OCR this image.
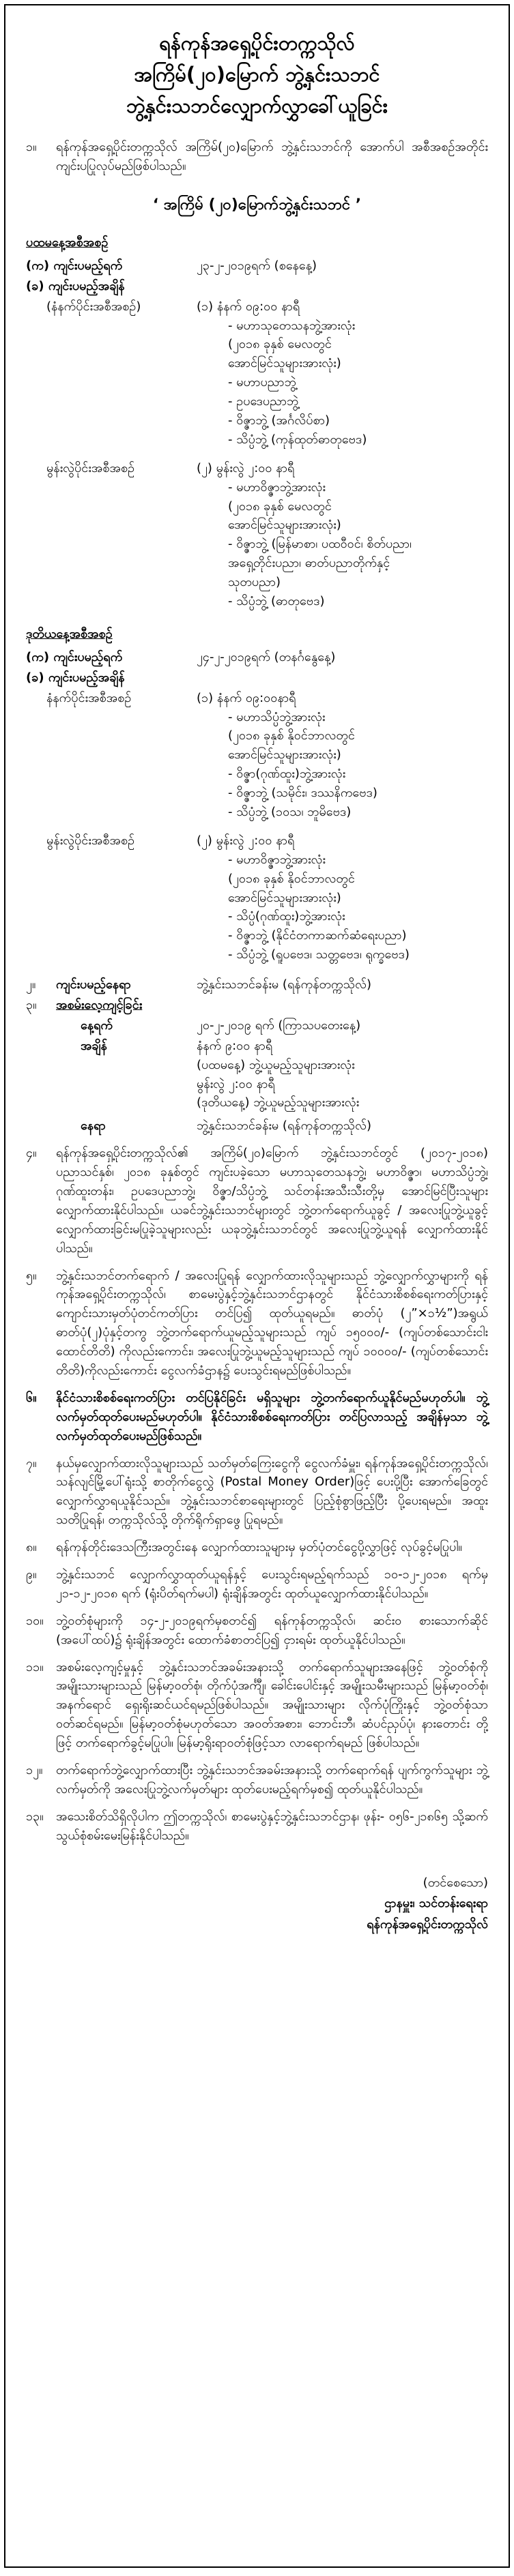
ရန်ကုန်အရှေ့ပိုင်းတက္ကသိုလ်
အကြိမ်(၂၀)မြောက် ဘွဲ့နှင်းသဘင်
ဘွဲ့နှင်းသဘင်လျှောက်လွှာခေါ်ယူခြင်း
၁။	ရန်ကုန်အရှေ့ပိုင်းတက္ကသိုလ် အကြိမ်(၂၀)မြောက် ဘွဲ့နှင်းသဘင်ကို အောက်ပါ အစီအစဉ်အတိုင်း ကျင်းပပြုလုပ်မည်ဖြစ်ပါသည်။

‘ အကြိမ် (၂၀)မြောက်ဘွဲ့နှင်းသဘင် ’
ပထမနေ့အစီအစဉ်
(က) ကျင်းပမည့်ရက်	၂၃-၂-၂၀၁၉ရက် (စနေနေ့)
(ခ) ကျင်းပမည့်အချိန်
(နံနက်ပိုင်းအစီအစဉ်)	(၁) နံနက် ၀၉:၀၀ နာရီ
- မဟာသုတေသနဘွဲ့အားလုံး
(၂၀၁၈ ခုနှစ် မေလတွင်
အောင်မြင်သူများအားလုံး)
- မဟာပညာဘွဲ့
- ဥပဒေပညာဘွဲ့
- ဝိဇ္ဇာဘွဲ့ (အင်္ဂလိပ်စာ)
- သိပ္ပံဘွဲ့ (ကုန်ထုတ်ဓာတုဗေဒ)
မွန်းလွဲပိုင်းအစီအစဉ်	(၂) မွန်းလွဲ ၂:၀၀ နာရီ
- မဟာဝိဇ္ဇာဘွဲ့အားလုံး
(၂၀၁၈ ခုနှစ် မေလတွင်
အောင်မြင်သူများအားလုံး)
- ဝိဇ္ဇာဘွဲ့ (မြန်မာစာ၊ ပထဝီဝင်၊ စိတ်ပညာ၊
အရှေ့တိုင်းပညာ၊ ဓာတ်ပညာတိုက်နှင့်
သုတပညာ)
- သိပ္ပံဘွဲ့ (ဓာတုဗေဒ)
ဒုတိယနေ့အစီအစဉ်
(က) ကျင်းပမည့်ရက်	၂၄-၂-၂၀၁၉ရက် (တနင်္ဂနွေနေ့)
(ခ) ကျင်းပမည့်အချိန်
နံနက်ပိုင်းအစီအစဉ်	(၁) နံနက် ၀၉:၀၀နာရီ
- မဟာသိပ္ပံဘွဲ့အားလုံး
(၂၀၁၈ ခုနှစ် နိုဝင်ဘာလတွင်
အောင်မြင်သူများအားလုံး)
- ဝိဇ္ဇာ(ဂုဏ်ထူး)ဘွဲ့အားလုံး
- ဝိဇ္ဇာဘွဲ့ (သမိုင်း၊ ဒဿနိကဗေဒ)
- သိပ္ပံဘွဲ့ (၁၀သ၊ ဘူမိဗေဒ)
မွန်းလွဲပိုင်းအစီအစဉ်	(၂) မွန်းလွဲ ၂:၀၀ နာရီ
- မဟာဝိဇ္ဇာဘွဲ့အားလုံး
(၂၀၁၈ ခုနှစ် နိုဝင်ဘာလတွင်
အောင်မြင်သူများအားလုံး)
- သိပ္ပံ(ဂုဏ်ထူး)ဘွဲ့အားလုံး
- ဝိဇ္ဇာဘွဲ့ (နိုင်ငံတကာဆက်ဆံရေးပညာ)
- သိပ္ပံဘွဲ့ (ရူပဗေဒ၊ သတ္တဗေဒ၊ ရုက္ခဗေဒ)
၂။	ကျင်းပမည့်နေရာ	ဘွဲ့နှင်းသဘင်ခန်းမ (ရန်ကုန်တက္ကသိုလ်)
၃။	အစမ်းလေ့ကျင့်ခြင်း
နေ့ရက်	၂၀-၂-၂၀၁၉ ရက် (ကြာသပတေးနေ့)
အချိန်	နံနက် ၉:၀၀ နာရီ
(ပထမနေ့) ဘွဲ့ယူမည့်သူများအားလုံး
မွန်းလွဲ ၂:၀၀ နာရီ
(ဒုတိယနေ့) ဘွဲ့ယူမည့်သူများအားလုံး
နေရာ	ဘွဲ့နှင်းသဘင်ခန်းမ (ရန်ကုန်တက္ကသိုလ်)
၄။	ရန်ကုန်အရှေ့ပိုင်းတက္ကသိုလ်၏ အကြိမ်(၂၀)မြောက် ဘွဲ့နှင်းသဘင်တွင် (၂၀၁၇-၂၀၁၈) ပညာသင်နှစ်၊ ၂၀၁၈ ခုနှစ်တွင် ကျင်းပခဲ့သော မဟာသုတေသနဘွဲ့၊ မဟာဝိဇ္ဇာ၊ မဟာသိပ္ပံဘွဲ့၊ ဂုဏ်ထူးတန်း၊ ဥပဒေပညာဘွဲ့၊ ဝိဇ္ဇာ/သိပ္ပံဘွဲ့ သင်တန်းအသီးသီးတို့မှ အောင်မြင်ပြီးသူများ လျှောက်ထားနိုင်ပါသည်။ ယခင်ဘွဲ့နှင်းသဘင်များတွင် ဘွဲ့တက်ရောက်ယူခွင့် / အလေးပြုဘွဲ့ယူခွင့် လျှောက်ထားခြင်းမပြုခဲ့သူများလည်း ယခုဘွဲ့နှင်းသဘင်တွင် အလေးပြုဘွဲ့ယူရန် လျှောက်ထားနိုင်ပါသည်။

၅။	ဘွဲ့နှင်းသဘင်တက်ရောက် / အလေးပြုရန် လျှောက်ထားလိုသူများသည် ဘွဲ့လျှောက်လွှာများကို ရန်ကုန်အရှေ့ပိုင်းတက္ကသိုလ်၊ စာမေးပွဲနှင့်ဘွဲ့နှင်းသဘင်ဌာနတွင် နိုင်ငံသားစိစစ်ရေးကတ်ပြားနှင့် ကျောင်းသားမှတ်ပုံတင်ကတ်ပြား တင်ပြ၍ ထုတ်ယူရမည်။ ဓာတ်ပုံ (၂”×၁½”)အရွယ် ဓာတ်ပုံ(၂)ပုံနှင့်တကွ ဘွဲ့တက်ရောက်ယူမည့်သူများသည် ကျပ် ၁၅၀၀၀/- (ကျပ်တစ်သောင်းငါးထောင်တိတိ) ကိုလည်းကောင်း၊ အလေးပြုဘွဲ့ယူမည့်သူများသည် ကျပ် ၁၀၀၀၀/- (ကျပ်တစ်သောင်းတိတိ)ကိုလည်းကောင်း ငွေလက်ခံဌာန၌ ပေးသွင်းရမည်ဖြစ်ပါသည်။

၆။	နိုင်ငံသားစိစစ်ရေးကတ်ပြား တင်ပြနိုင်ခြင်း မရှိသူများ ဘွဲ့တက်ရောက်ယူနိုင်မည်မဟုတ်ပါ။ ဘွဲ့လက်မှတ်ထုတ်ပေးမည်မဟုတ်ပါ။ နိုင်ငံသားစိစစ်ရေးကတ်ပြား တင်ပြလာသည့် အချိန်မှသာ ဘွဲ့လက်မှတ်ထုတ်ပေးမည်ဖြစ်သည်။

၇။	နယ်မှလျှောက်ထားလိုသူများသည် သတ်မှတ်ကြေးငွေကို ငွေလက်ခံမှူး၊ ရန်ကုန်အရှေ့ပိုင်းတက္ကသိုလ်၊ သန်လျင်မြို့ပေါ်ရုံးသို့ စာတိုက်ငွေလွှဲ (Postal Money Order)ဖြင့် ပေးပို့ပြီး အောက်ခြေတွင် လျှောက်လွှာရယူနိုင်သည်။ ဘွဲ့နှင်းသဘင်စာရေးများတွင် ပြည့်စုံစွာဖြည့်ပြီး ပို့ပေးရမည်။ အထူးသတိပြုရန်၊ တက္ကသိုလ်သို့ တိုက်ရိုက်ရှာဖွေ ပြုရမည်။

၈။	ရန်ကုန်တိုင်းဒေသကြီးအတွင်းနေ လျှောက်ထားသူများမှ မှတ်ပုံတင်ငွေပို့လွှာဖြင့် လုပ်ခွင့်မပြုပါ။

၉။	ဘွဲ့နှင်းသဘင် လျှောက်လွှာထုတ်ယူရန်နှင့် ပေးသွင်းရမည့်ရက်သည် ၁၀-၁၂-၂၀၁၈ ရက်မှ ၂၁-၁၂-၂၀၁၈ ရက် (ရုံးပိတ်ရက်မပါ) ရုံးချိန်အတွင်း ထုတ်ယူလျှောက်ထားနိုင်ပါသည်။

၁၀။	ဘွဲ့ဝတ်စုံများကို ၁၄-၂-၂၀၁၉ရက်မှစတင်၍ ရန်ကုန်တက္ကသိုလ်၊ ဆင်းဝ စားသောက်ဆိုင် (အပေါ်ထပ်)၌ ရုံးချိန်အတွင်း ထောက်ခံစာတင်ပြ၍ ငှားရမ်း ထုတ်ယူနိုင်ပါသည်။

၁၁။	အစမ်းလေ့ကျင့်မှုနှင့် ဘွဲ့နှင်းသဘင်အခမ်းအနားသို့ တက်ရောက်သူများအနေဖြင့် ဘွဲ့ဝတ်စုံကို အမျိုးသားများသည် မြန်မာ့ဝတ်စုံ၊ တိုက်ပုံအင်္ကျီ၊ ခေါင်းပေါင်းနှင့် အမျိုးသမီးများသည် မြန်မာ့ဝတ်စုံ၊ အနက်ရောင် ရှေးရိုးဆင်ယင်ရမည်ဖြစ်ပါသည်။ အမျိုးသားများ လိုက်ပုံကြိုးနှင့် ဘွဲ့ဝတ်စုံသာ ဝတ်ဆင်ရမည်။ မြန်မာ့ဝတ်စုံမဟုတ်သော အဝတ်အစား၊ ဘောင်းဘီ၊ ဆံပင်ညှပ်ပုံ၊ နားတောင်း တို့ဖြင့် တက်ရောက်ခွင့်မပြုပါ။ မြန်မာ့ရိုးရာဝတ်စုံဖြင့်သာ လာရောက်ရမည် ဖြစ်ပါသည်။

၁၂။	တက်ရောက်ဘွဲ့လျှောက်ထားပြီး ဘွဲ့နှင်းသဘင်အခမ်းအနားသို့ တက်ရောက်ရန် ပျက်ကွက်သူများ ဘွဲ့လက်မှတ်ကို အလေးပြုဘွဲ့လက်မှတ်များ ထုတ်ပေးမည့်ရက်မှစ၍ ထုတ်ယူနိုင်ပါသည်။

၁၃။	အသေးစိတ်သိရှိလိုပါက ဤတက္ကသိုလ်၊ စာမေးပွဲနှင့်ဘွဲ့နှင်းသဘင်ဌာန၊ ဖုန်း- ၀၅၆-၂၁၈၆၅ သို့ဆက်သွယ်စုံစမ်းမေးမြန်းနိုင်ပါသည်။

(တင်စေသော)
ဌာနမှူး၊ သင်တန်းရေးရာ
ရန်ကုန်အရှေ့ပိုင်းတက္ကသိုလ်
